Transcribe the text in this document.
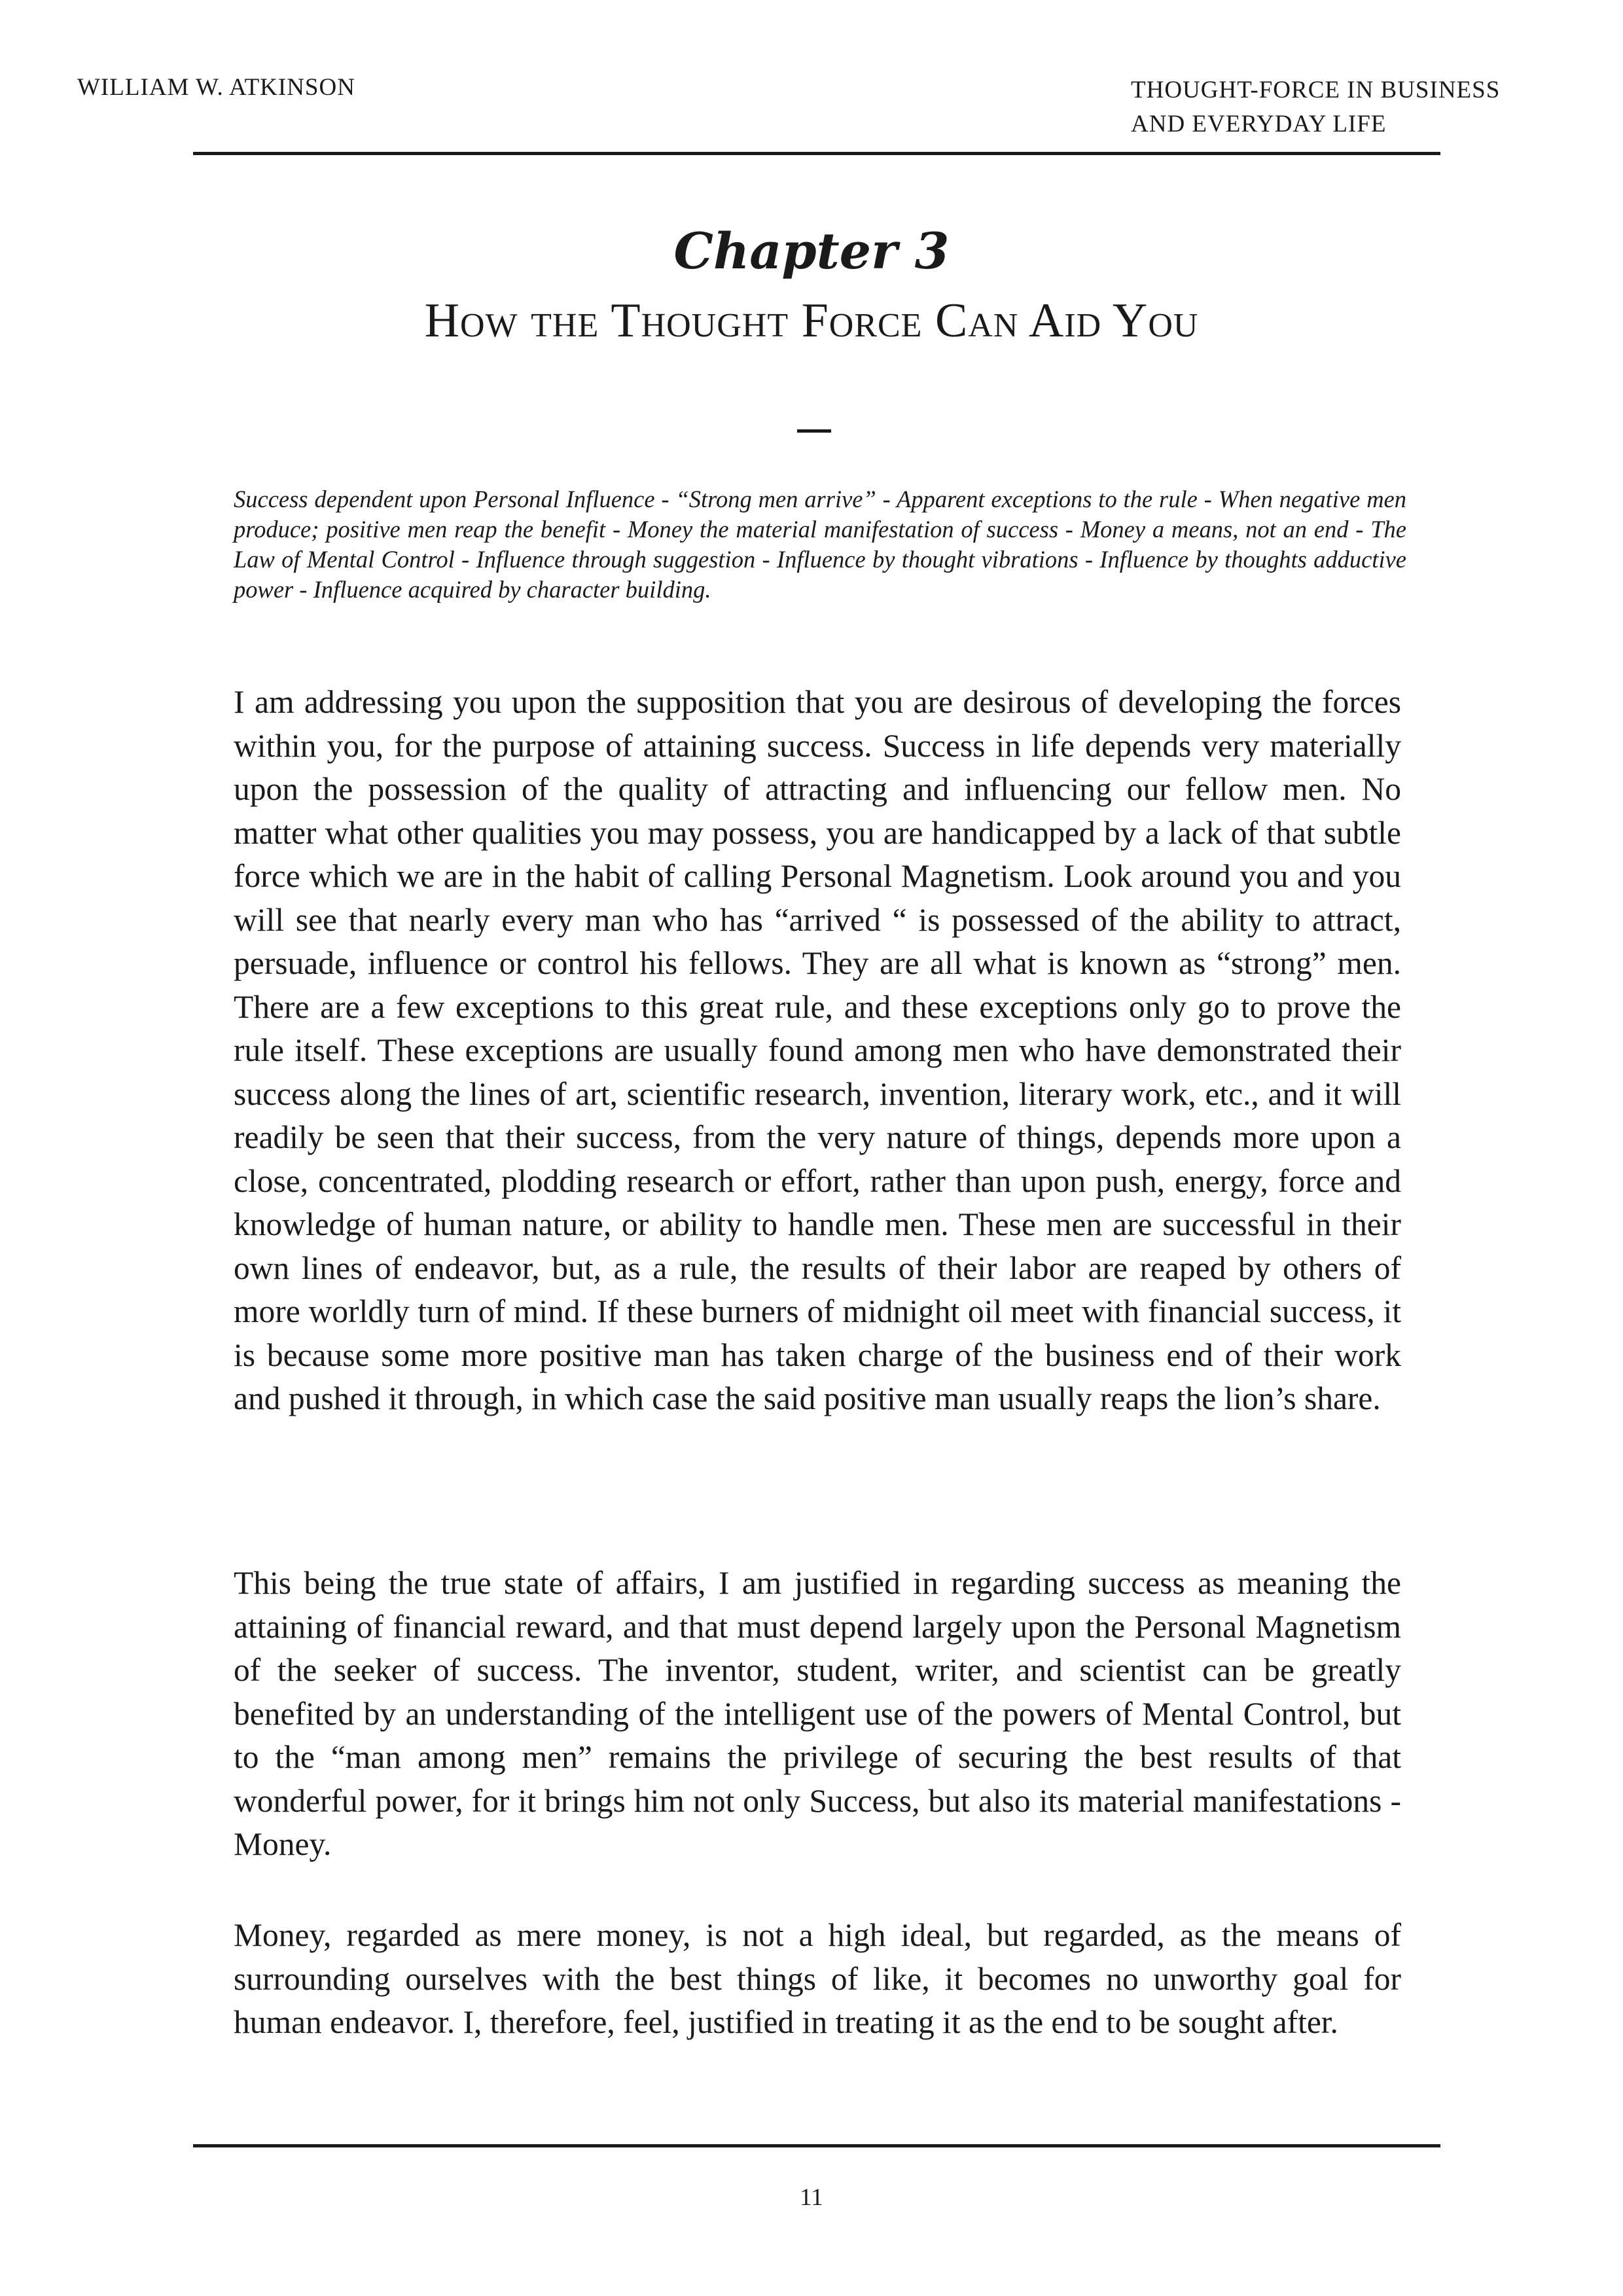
WILLIAM W. ATKINSON	THOUGHT-FORCE IN BUSINESS
AND EVERYDAY LIFE
Chapter 3
How the Thought Force Can Aid You

Success dependent upon Personal Influence - “Strong men arrive” - Apparent exceptions to the rule - When negative men produce; positive men reap the benefit - Money the material manifestation of success - Money a means, not an end - The Law of Mental Control - Influence through suggestion - Influence by thought vibrations - Influence by thoughts adductive power - Influence acquired by character building.

I am addressing you upon the supposition that you are desirous of developing the forces within you, for the purpose of attaining success. Success in life depends very materially upon the possession of the quality of attracting and influencing our fellow men. No matter what other qualities you may possess, you are handicapped by a lack of that subtle force which we are in the habit of calling Personal Magnetism. Look around you and you will see that nearly every man who has “arrived “ is possessed of the ability to attract, persuade, influence or control his fellows. They are all what is known as “strong” men. There are a few exceptions to this great rule, and these exceptions only go to prove the rule itself. These exceptions are usually found among men who have demonstrated their success along the lines of art, scientific research, invention, literary work, etc., and it will readily be seen that their success, from the very nature of things, depends more upon a close, concentrated, plodding research or effort, rather than upon push, energy, force and knowledge of human nature, or ability to handle men. These men are successful in their own lines of endeavor, but, as a rule, the results of their labor are reaped by others of more worldly turn of mind. If these burners of midnight oil meet with financial success, it is because some more positive man has taken charge of the business end of their work and pushed it through, in which case the said positive man usually reaps the lion’s share.

This being the true state of affairs, I am justified in regarding success as meaning the attaining of financial reward, and that must depend largely upon the Personal Magnetism of the seeker of success. The inventor, student, writer, and scientist can be greatly benefited by an understanding of the intelligent use of the powers of Mental Control, but to the “man among men” remains the privilege of securing the best results of that wonderful power, for it brings him not only Success, but also its material manifestations -Money.

Money, regarded as mere money, is not a high ideal, but regarded, as the means of surrounding ourselves with the best things of like, it becomes no unworthy goal for human endeavor. I, therefore, feel, justified in treating it as the end to be sought after.

11
